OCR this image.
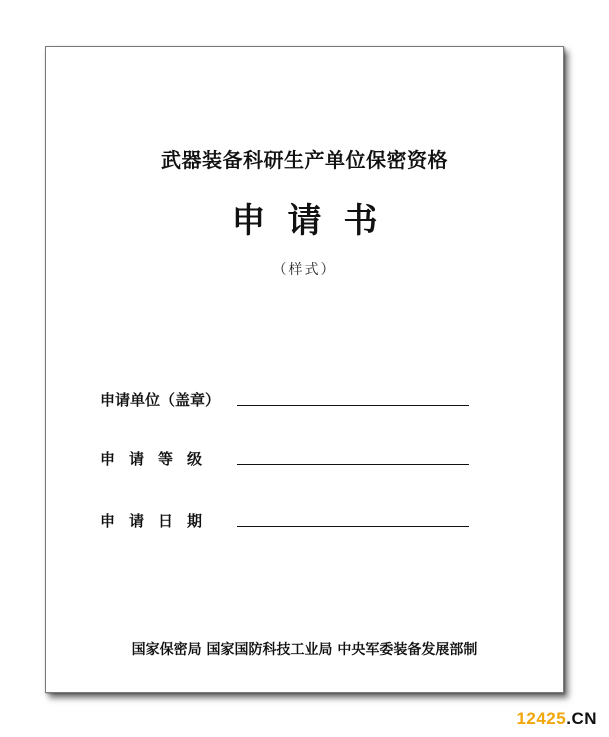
武器装备科研生产单位保密资格
申请书
（样式）
申请单位（盖章）
申请等级
申请日期
国家保密局 国家国防科技工业局 中央军委装备发展部制
12425.CN
